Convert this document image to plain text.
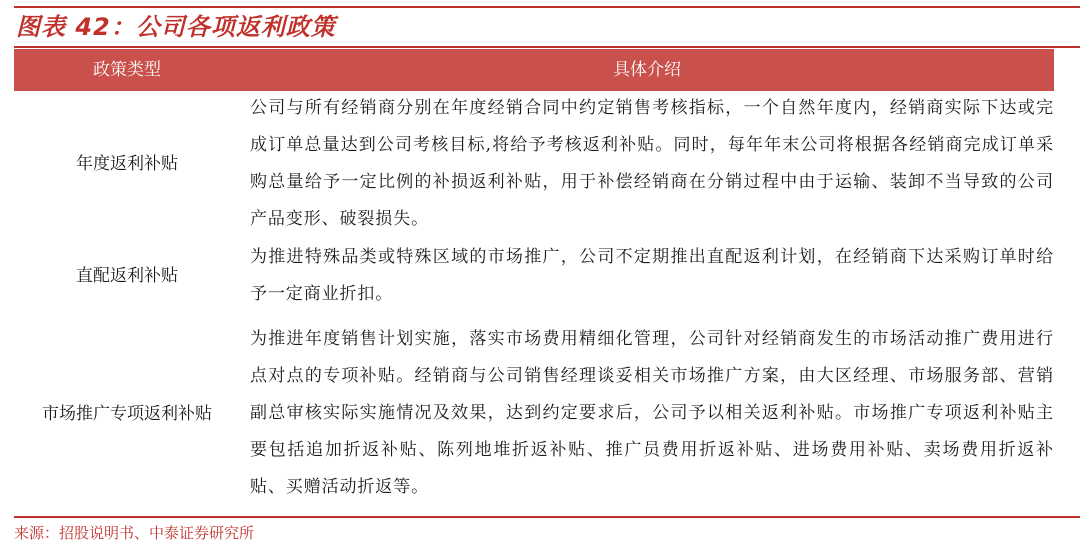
图表 42：公司各项返利政策
政策类型	具体介绍
年度返利补贴
公司与所有经销商分别在年度经销合同中约定销售考核指标，一个自然年度内，经销商实际下达或完成订单总量达到公司考核目标,将给予考核返利补贴。同时，每年年末公司将根据各经销商完成订单采购总量给予一定比例的补损返利补贴，用于补偿经销商在分销过程中由于运输、装卸不当导致的公司产品变形、破裂损失。
直配返利补贴
为推进特殊品类或特殊区域的市场推广，公司不定期推出直配返利计划，在经销商下达采购订单时给予一定商业折扣。
市场推广专项返利补贴
为推进年度销售计划实施，落实市场费用精细化管理，公司针对经销商发生的市场活动推广费用进行点对点的专项补贴。经销商与公司销售经理谈妥相关市场推广方案，由大区经理、市场服务部、营销副总审核实际实施情况及效果，达到约定要求后，公司予以相关返利补贴。市场推广专项返利补贴主要包括追加折返补贴、陈列地堆折返补贴、推广员费用折返补贴、进场费用补贴、卖场费用折返补贴、买赠活动折返等。
来源：招股说明书、中泰证券研究所
